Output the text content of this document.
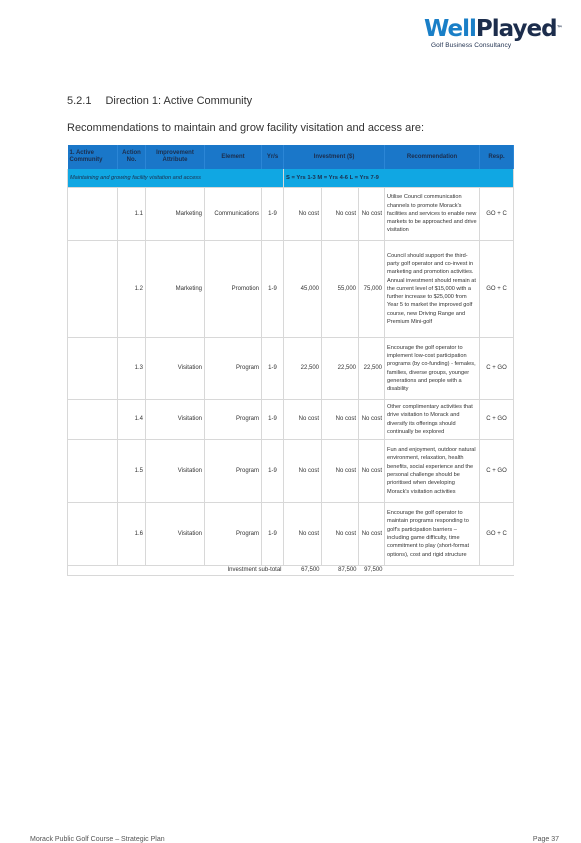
WellPlayed™
Golf Business Consultancy
5.2.1 Direction 1: Active Community
Recommendations to maintain and grow facility visitation and access are:
1. Active Community	Action No.	Improvement Attribute	Element	Yr/s	Investment ($)			Recommendation	Resp.
Maintaining and growing facility visitation and access					S = Yrs 1-3 M = Yrs 4-6 L = Yrs 7-9				
	1.1	Marketing	Communications	1-9	No cost	No cost	No cost	Utilise Council communication channels to promote Morack's facilities and services to enable new markets to be approached and drive visitation	GO + C
	1.2	Marketing	Promotion	1-9	45,000	55,000	75,000	Council should support the third-party golf operator and co-invest in marketing and promotion activities. Annual investment should remain at the current level of $15,000 with a further increase to $25,000 from Year 5 to market the improved golf course, new Driving Range and Premium Mini-golf	GO + C
	1.3	Visitation	Program	1-9	22,500	22,500	22,500	Encourage the golf operator to implement low-cost participation programs (by co-funding) - females, families, diverse groups, younger generations and people with a disability	C + GO
	1.4	Visitation	Program	1-9	No cost	No cost	No cost	Other complimentary activities that drive visitation to Morack and diversify its offerings should continually be explored	C + GO
	1.5	Visitation	Program	1-9	No cost	No cost	No cost	Fun and enjoyment, outdoor natural environment, relaxation, health benefits, social experience and the personal challenge should be prioritised when developing Morack's visitation activities	C + GO
	1.6	Visitation	Program	1-9	No cost	No cost	No cost	Encourage the golf operator to maintain programs responding to golf's participation barriers – including game difficulty, time commitment to play (short-format options), cost and rigid structure	GO + C
		Investment sub-total			67,500	87,500	97,500		
Morack Public Golf Course – Strategic Plan	Page 37
